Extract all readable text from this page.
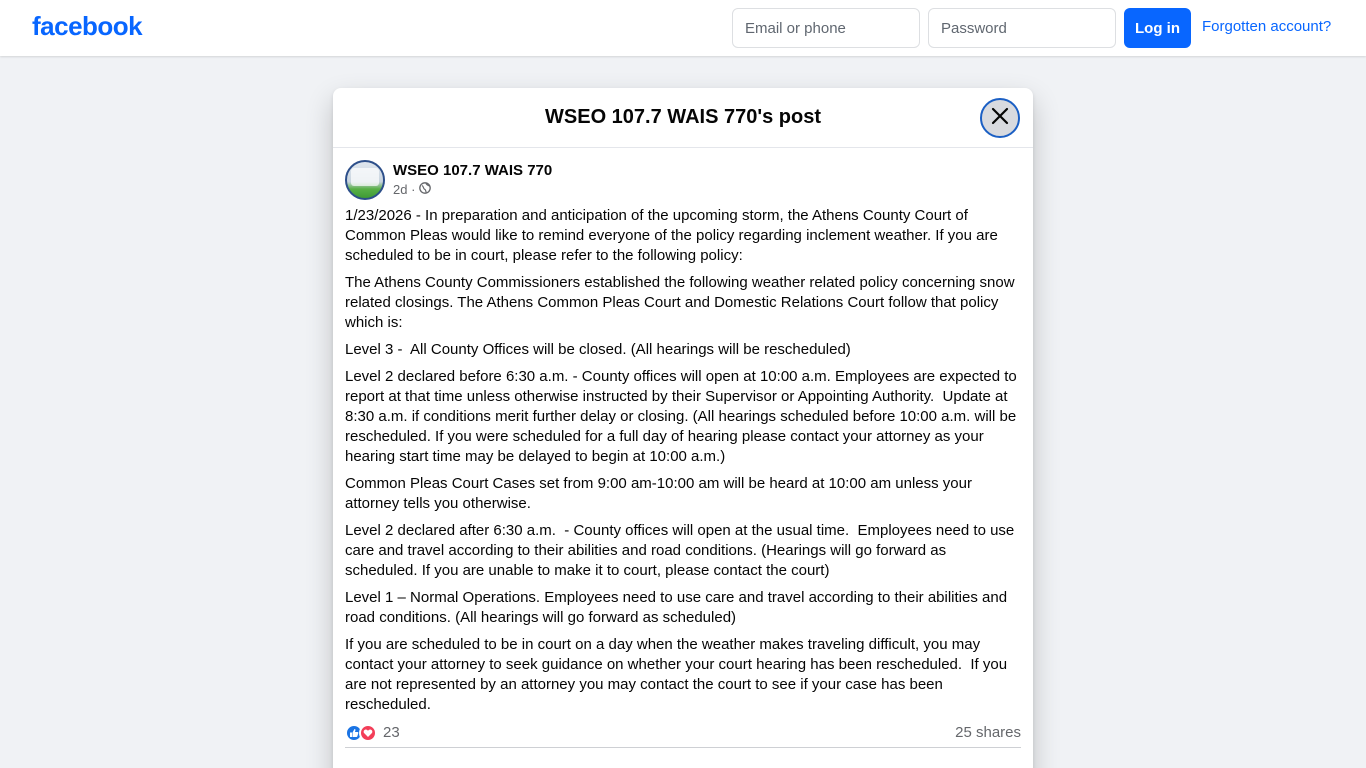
facebook
Email or phone	Log in	Forgotten account?
WSEO 107.7 WAIS 770's post
WSEO 107.7 WAIS 770
2d ·

1/23/2026 - In preparation and anticipation of the upcoming storm, the Athens County Court of Common Pleas would like to remind everyone of the policy regarding inclement weather. If you are scheduled to be in court, please refer to the following policy:

The Athens County Commissioners established the following weather related policy concerning snow related closings. The Athens Common Pleas Court and Domestic Relations Court follow that policy which is:

Level 3 -  All County Offices will be closed. (All hearings will be rescheduled)

Level 2 declared before 6:30 a.m. - County offices will open at 10:00 a.m. Employees are expected to report at that time unless otherwise instructed by their Supervisor or Appointing Authority.  Update at 8:30 a.m. if conditions merit further delay or closing. (All hearings scheduled before 10:00 a.m. will be rescheduled. If you were scheduled for a full day of hearing please contact your attorney as your hearing start time may be delayed to begin at 10:00 a.m.)

Common Pleas Court Cases set from 9:00 am-10:00 am will be heard at 10:00 am unless your attorney tells you otherwise.

Level 2 declared after 6:30 a.m.  - County offices will open at the usual time.  Employees need to use care and travel according to their abilities and road conditions. (Hearings will go forward as scheduled. If you are unable to make it to court, please contact the court)

Level 1 – Normal Operations. Employees need to use care and travel according to their abilities and road conditions. (All hearings will go forward as scheduled)

If you are scheduled to be in court on a day when the weather makes traveling difficult, you may contact your attorney to seek guidance on whether your court hearing has been rescheduled.  If you are not represented by an attorney you may contact the court to see if your case has been rescheduled.

23	25 shares
